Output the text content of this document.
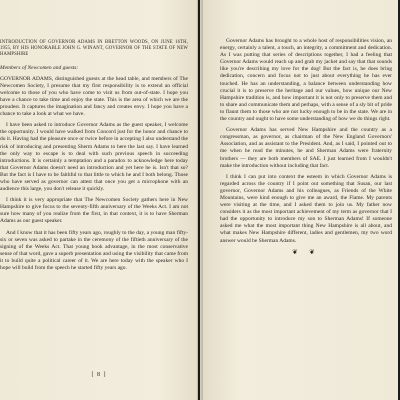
INTRODUCTION OF GOVERNOR ADAMS IN BRETTON WOODS, ON JUNE 16TH, 1955, BY HIS HONORABLE JOHN G. WINANT, GOVERNOR OF THE STATE OF NEW HAMPSHIRE
Members of Newcomen and guests:

GOVERNOR ADAMS, distinguished guests at the head table, and members of The Newcomen Society, I presume that my first responsibility is to extend an official welcome to those of you who have come to visit us from out-of-state. I hope you have a chance to take time and enjoy the state. This is the area of which we are the proudest. It captures the imagination and fancy and creates envy. I hope you have a chance to take a look at what we have.

I have been asked to introduce Governor Adams as the guest speaker, I welcome the opportunity. I would have walked from Concord just for the honor and chance to do it. Having had the pleasure once or twice before in accepting I also understand the risk of introducing and presenting Sherm Adams to here the last say. I have learned the only way to escape is to deal with such previous speech in succeeding introductions. It is certainly a temptation and a paradox to acknowledge here today that Governor Adams doesn't need an introduction and yet here he is. Isn't that so? But the fact is I have to be faithful to that little to which he and I both belong. Those who have served as governor can attest that once you get a microphone with an audience this large, you don't release it quickly.

I think it is very appropriate that The Newcomen Society gathers here in New Hampshire to give focus to the seventy-fifth anniversary of the Weeks Act. I am not sure how many of you realize from the first, in that context, it is to have Sherman Adams as our guest speaker.

And I know that it has been fifty years ago, roughly to the day, a young man fifty-six or seven was asked to partake in the ceremony of the fiftieth anniversary of the signing of the Weeks Act. That young book advantage, in the most conservative sense of that word, gave a superb presentation and using the visibility that came from it to build quite a political career of it. We are here today with the speaker who I hope will build from the speech he started fifty years ago.

[ 8 ]

Governor Adams has brought to a whole host of responsibilities vision, an energy, certainly a talent, a touch, an integrity, a commitment and dedication. As I was putting that series of descriptions together, I had a feeling that Governor Adams would reach up and grab my jacket and say that that sounds like you're describing my love for the dog! But the fact is, he does bring dedication, concern and focus not to just about everything he has ever touched. He has an understanding, a balance between understanding how crucial it is to preserve the heritage and our values, how unique our New Hampshire tradition is, and how important it is not only to preserve them and to share and communicate them and perhaps, with a sense of a sly bit of pride to flaunt them to those who are not lucky enough to be in the state. We are in the country and ought to have some understanding of how we do things right.

Governor Adams has served New Hampshire and the country as a congressman, as governor, as chairman of the New England Governors' Association, and as assistant to the President. And, as I said, I pointed out to me when he read the minutes, he and Sherman Adams were fraternity brothers — they are both members of SAE. I just learned from I wouldn't make the introduction without including that fact.

I think I can put into context the esteem in which Governor Adams is regarded across the country if I point out something that Susan, our last governor, Governor Adams and his colleagues, as Friends of the White Mountains, were kind enough to give me an award, the Flame. My parents were visiting at the time, and I asked them to join us. My father now considers it as the most important achievement of my term as governor that I had the opportunity to introduce my son to Sherman Adams! If someone asked me what the most important thing New Hampshire is all about, and what makes New Hampshire different, ladies and gentlemen, my two word answer would be Sherman Adams.

❦ ❦
